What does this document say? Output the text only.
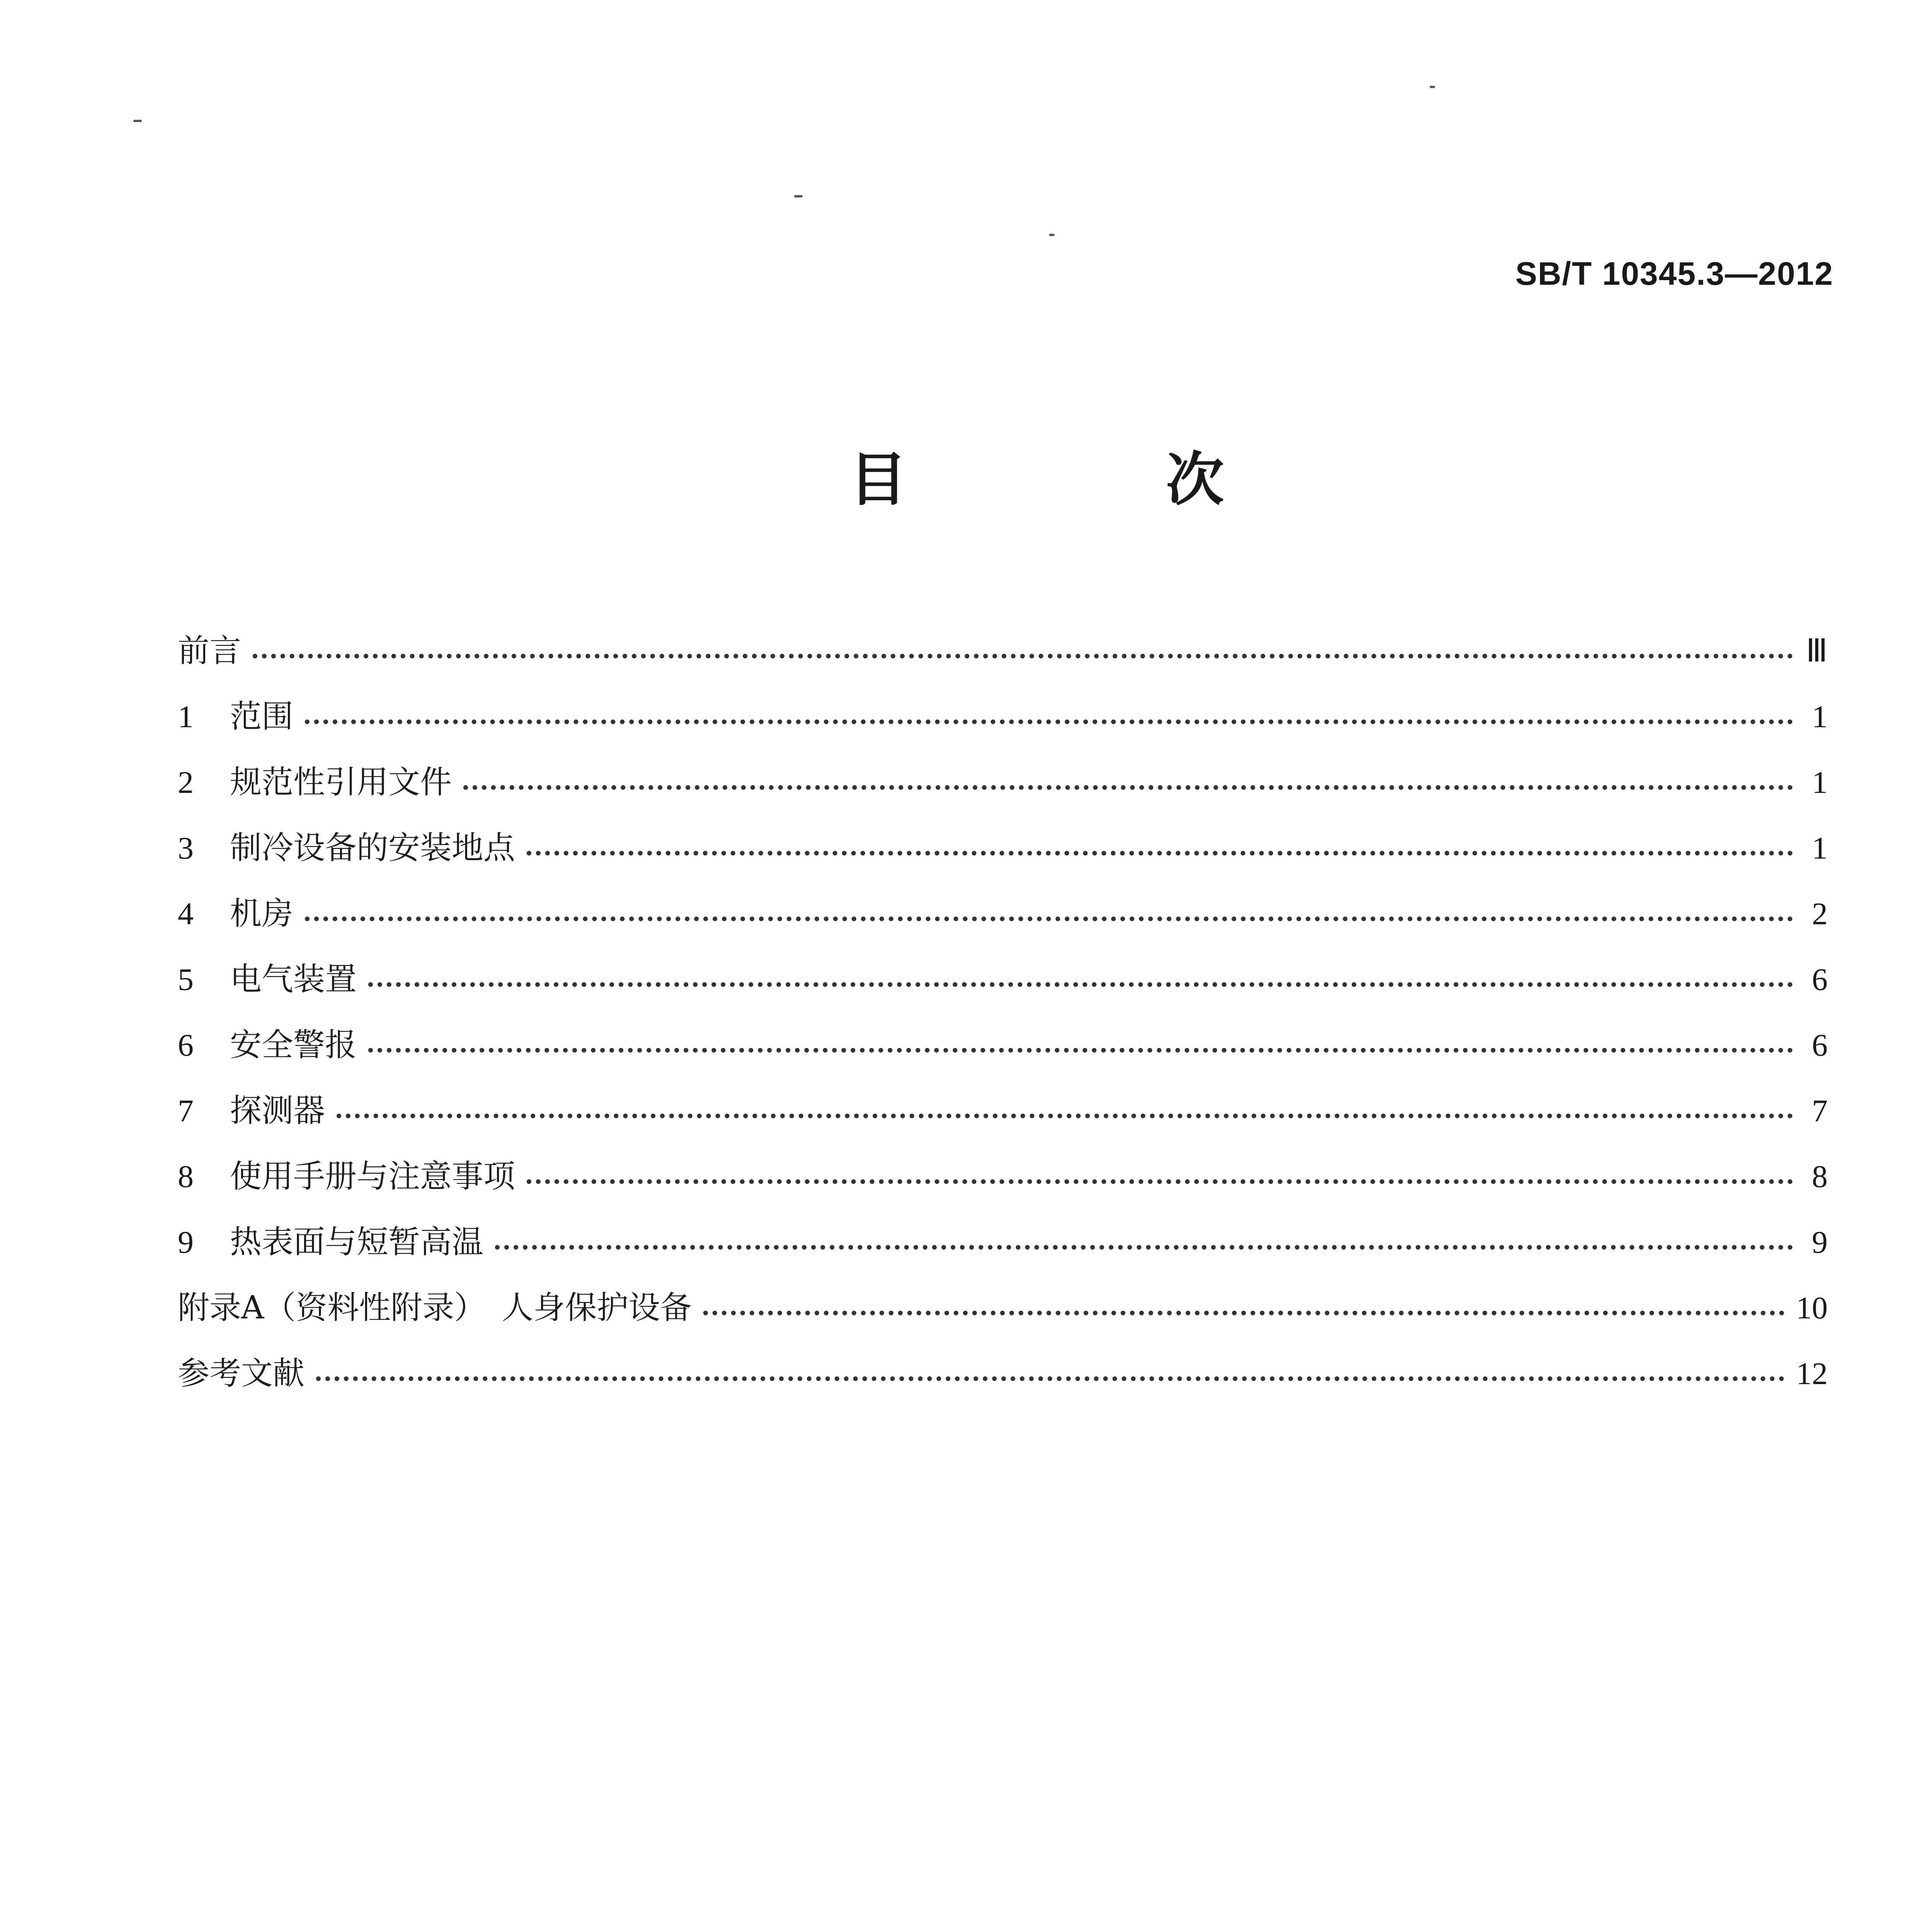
SB/T 10345.3—2012
目　次
前言	Ⅲ
1	范围	1
2	规范性引用文件	1
3	制冷设备的安装地点	1
4	机房	2
5	电气装置	6
6	安全警报	6
7	探测器	7
8	使用手册与注意事项	8
9	热表面与短暂高温	9
附录A（资料性附录）　人身保护设备	10
参考文献	12
